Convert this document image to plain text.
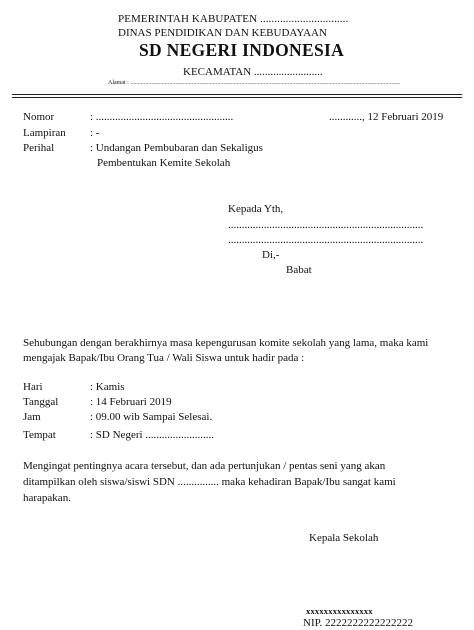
PEMERINTAH KABUPATEN ...............................
DINAS PENDIDIKAN DAN KEBUDAYAAN
SD NEGERI INDONESIA
KECAMATAN .........................
Alamat : ....................................................................................................................................................................................
Nomor	: ..................................................	............, 12 Februari 2019
Lampiran : -
Perihal	: Undangan Pembubaran dan Sekaligus
Pembentukan Kemite Sekolah
Kepada Yth,
.......................................................................
.......................................................................
Di,-
Babat
Sehubungan dengan berakhirnya masa kepengurusan komite sekolah yang lama, maka kami
mengajak Bapak/Ibu Orang Tua / Wali Siswa untuk hadir pada :
Hari	: Kamis
Tanggal	: 14 Februari 2019
Jam	: 09.00 wib Sampai Selesai.
Tempat	: SD Negeri .........................
Mengingat pentingnya acara tersebut, dan ada pertunjukan / pentas seni yang akan
ditampilkan oleh siswa/siswi SDN ............... maka kehadiran Bapak/Ibu sangat kami
harapakan.
Kepala Sekolah
xxxxxxxxxxxxxxx
NIP. 2222222222222222
